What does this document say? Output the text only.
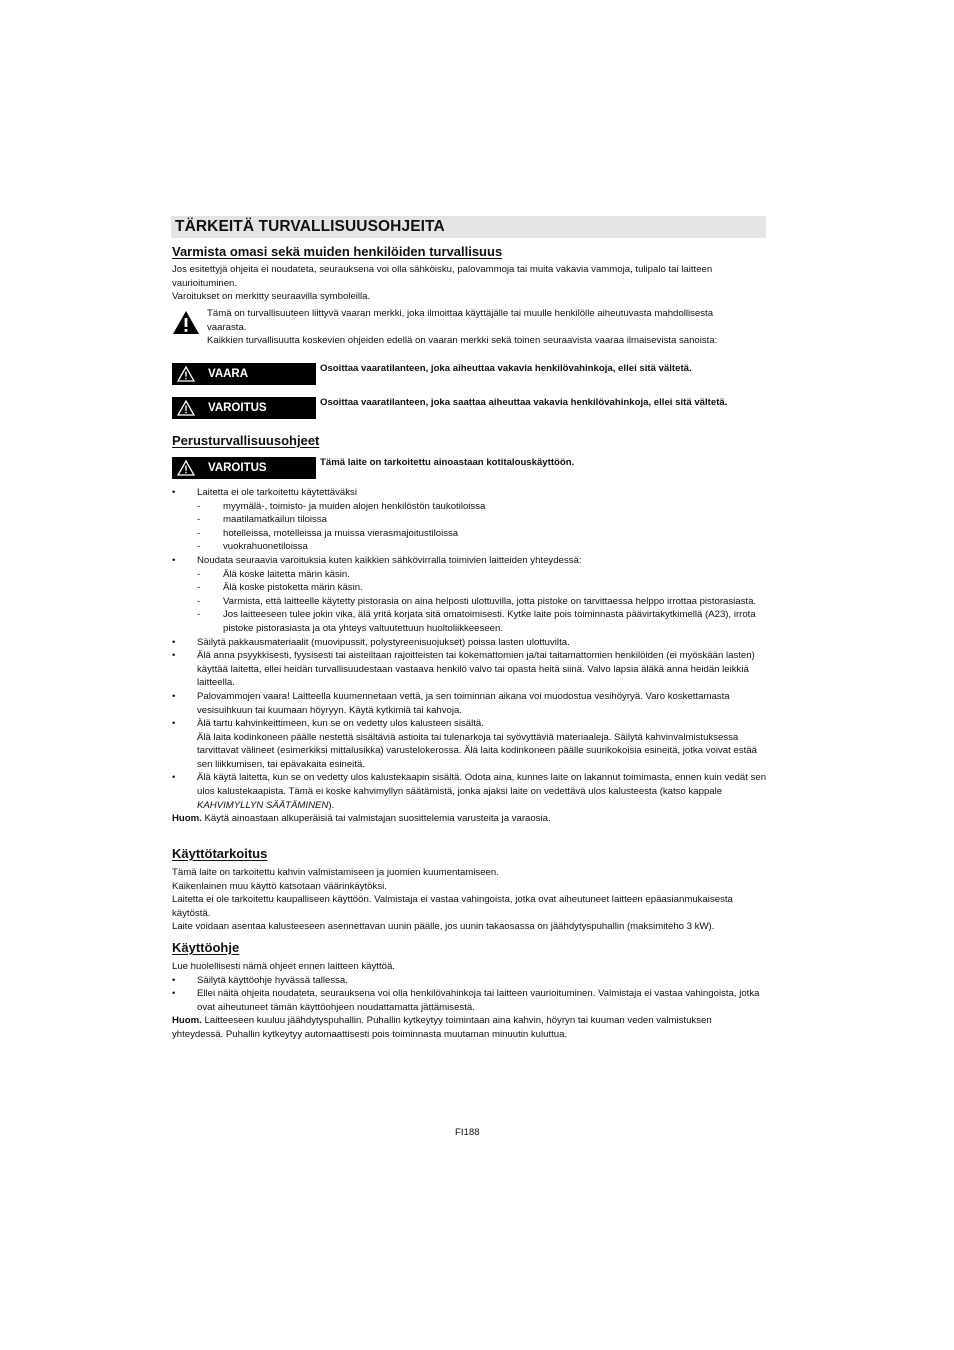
TÄRKEITÄ TURVALLISUUSOHJEITA
Varmista omasi sekä muiden henkilöiden turvallisuus
Jos esitettyjä ohjeita ei noudateta, seurauksena voi olla sähköisku, palovammoja tai muita vakavia vammoja, tulipalo tai laitteen vaurioituminen.
Varoitukset on merkitty seuraavilla symboleilla.
Tämä on turvallisuuteen liittyvä vaaran merkki, joka ilmoittaa käyttäjälle tai muulle henkilölle aiheutuvasta mahdollisesta vaarasta.
Kaikkien turvallisuutta koskevien ohjeiden edellä on vaaran merkki sekä toinen seuraavista vaaraa ilmaisevista sanoista:
VAARA	Osoittaa vaaratilanteen, joka aiheuttaa vakavia henkilövahinkoja, ellei sitä vältetä.
VAROITUS	Osoittaa vaaratilanteen, joka saattaa aiheuttaa vakavia henkilövahinkoja, ellei sitä vältetä.
Perusturvallisuusohjeet
VAROITUS	Tämä laite on tarkoitettu ainoastaan kotitalouskäyttöön.
•	Laitetta ei ole tarkoitettu käytettäväksi
- myymälä-, toimisto- ja muiden alojen henkilöstön taukotiloissa
- maatilamatkailun tiloissa
- hotelleissa, motelleissa ja muissa vierasmajoitustiloissa
- vuokrahuonetiloissa
•	Noudata seuraavia varoituksia kuten kaikkien sähkövirralla toimivien laitteiden yhteydessä:
- Älä koske laitetta märin käsin.
- Älä koske pistoketta märin käsin.
- Varmista, että laitteelle käytetty pistorasia on aina helposti ulottuvilla, jotta pistoke on tarvittaessa helppo irrottaa pistorasiasta.
- Jos laitteeseen tulee jokin vika, älä yritä korjata sitä omatoimisesti. Kytke laite pois toiminnasta päävirtakytkimellä (A23), irrota pistoke pistorasiasta ja ota yhteys valtuutettuun huoltoliikkeeseen.
•	Säilytä pakkausmateriaalit (muovipussit, polystyreenisuojukset) poissa lasten ulottuvilta.
•	Älä anna psyykkisesti, fyysisesti tai aisteiltaan rajoitteisten tai kokemattomien ja/tai taitamattomien henkilöiden (ei myöskään lasten) käyttää laitetta, ellei heidän turvallisuudestaan vastaava henkilö valvo tai opasta heitä siinä. Valvo lapsia äläkä anna heidän leikkiä laitteella.
•	Palovammojen vaara! Laitteella kuumennetaan vettä, ja sen toiminnan aikana voi muodostua vesihöyryä. Varo koskettamasta vesisuihkuun tai kuumaan höyryyn. Käytä kytkimiä tai kahvoja.
•	Älä tartu kahvinkeittimeen, kun se on vedetty ulos kalusteen sisältä.
Älä laita kodinkoneen päälle nestettä sisältäviä astioita tai tulenarkoja tai syövyttäviä materiaaleja. Säilytä kahvinvalmistuksessa tarvittavat välineet (esimerkiksi mittalusikka) varustelokerossa. Älä laita kodinkoneen päälle suurikokoisia esineitä, jotka voivat estää sen liikkumisen, tai epävakaita esineitä.
•	Älä käytä laitetta, kun se on vedetty ulos kalustekaapin sisältä. Odota aina, kunnes laite on lakannut toimimasta, ennen kuin vedät sen ulos kalustekaapista. Tämä ei koske kahvimyllyn säätämistä, jonka ajaksi laite on vedettävä ulos kalusteesta (katso kappale KAHVIMYLLYN SÄÄTÄMINEN).
Huom. Käytä ainoastaan alkuperäisiä tai valmistajan suosittelemia varusteita ja varaosia.
Käyttötarkoitus
Tämä laite on tarkoitettu kahvin valmistamiseen ja juomien kuumentamiseen.
Kaikenlainen muu käyttö katsotaan väärinkäytöksi.
Laitetta ei ole tarkoitettu kaupalliseen käyttöön. Valmistaja ei vastaa vahingoista, jotka ovat aiheutuneet laitteen epäasianmukaisesta käytöstä.
Laite voidaan asentaa kalusteeseen asennettavan uunin päälle, jos uunin takaosassa on jäähdytyspuhallin (maksimiteho 3 kW).
Käyttöohje
Lue huolellisesti nämä ohjeet ennen laitteen käyttöä.
•	Säilytä käyttöohje hyvässä tallessa.
•	Ellei näitä ohjeita noudateta, seurauksena voi olla henkilövahinkoja tai laitteen vaurioituminen. Valmistaja ei vastaa vahingoista, jotka ovat aiheutuneet tämän käyttöohjeen noudattamatta jättämisestä.
Huom. Laitteeseen kuuluu jäähdytyspuhallin. Puhallin kytkeytyy toimintaan aina kahvin, höyryn tai kuuman veden valmistuksen yhteydessä. Puhallin kytkeytyy automaattisesti pois toiminnasta muutaman minuutin kuluttua.
FI188
